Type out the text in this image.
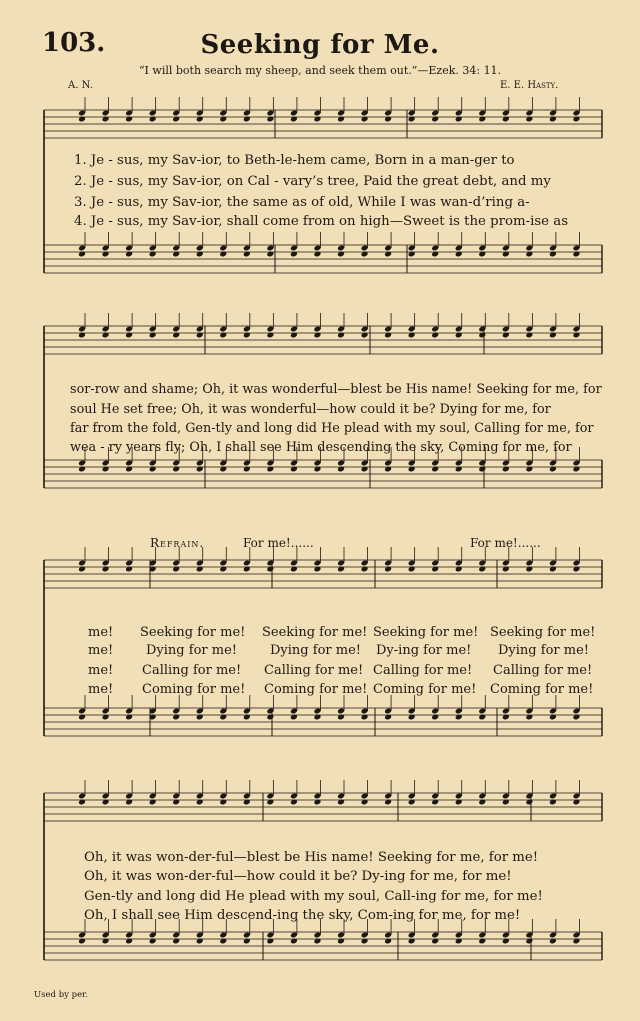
103.	Seeking for Me.
“I will both search my sheep, and seek them out.”—Ezek. 34: 11.
A. N.	E. E. Hasty.
1. Je - sus, my Sav-ior, to Beth-le-hem came, Born in a man-ger to
2. Je - sus, my Sav-ior, on Cal - vary’s tree, Paid the great debt, and my
3. Je - sus, my Sav-ior, the same as of old, While I was wan-d’ring a-
4. Je - sus, my Sav-ior, shall come from on high—Sweet is the prom-ise as
sor-row and shame; Oh, it was wonderful—blest be His name! Seeking for me, for
soul He set free; Oh, it was wonderful—how could it be? Dying for me, for
far from the fold, Gen-tly and long did He plead with my soul, Calling for me, for
wea - ry years fly; Oh, I shall see Him descending the sky, Coming for me, for
Refrain.	For me!......	For me!......
me! Seeking for me! Seeking for me! Seeking for me! Seeking for me!
me!	Dying for me!	Dying for me! Dy-ing for me! Dying for me!
me! Calling for me! Calling for me! Calling for me! Calling for me!
me! Coming for me! Coming for me! Coming for me! Coming for me!
Oh, it was won-der-ful—blest be His name! Seeking for me, for me!
Oh, it was won-der-ful—how could it be? Dy-ing for me, for me!
Gen-tly and long did He plead with my soul, Call-ing for me, for me!
Oh, I shall see Him descend-ing the sky, Com-ing for me, for me!
Used by per.
